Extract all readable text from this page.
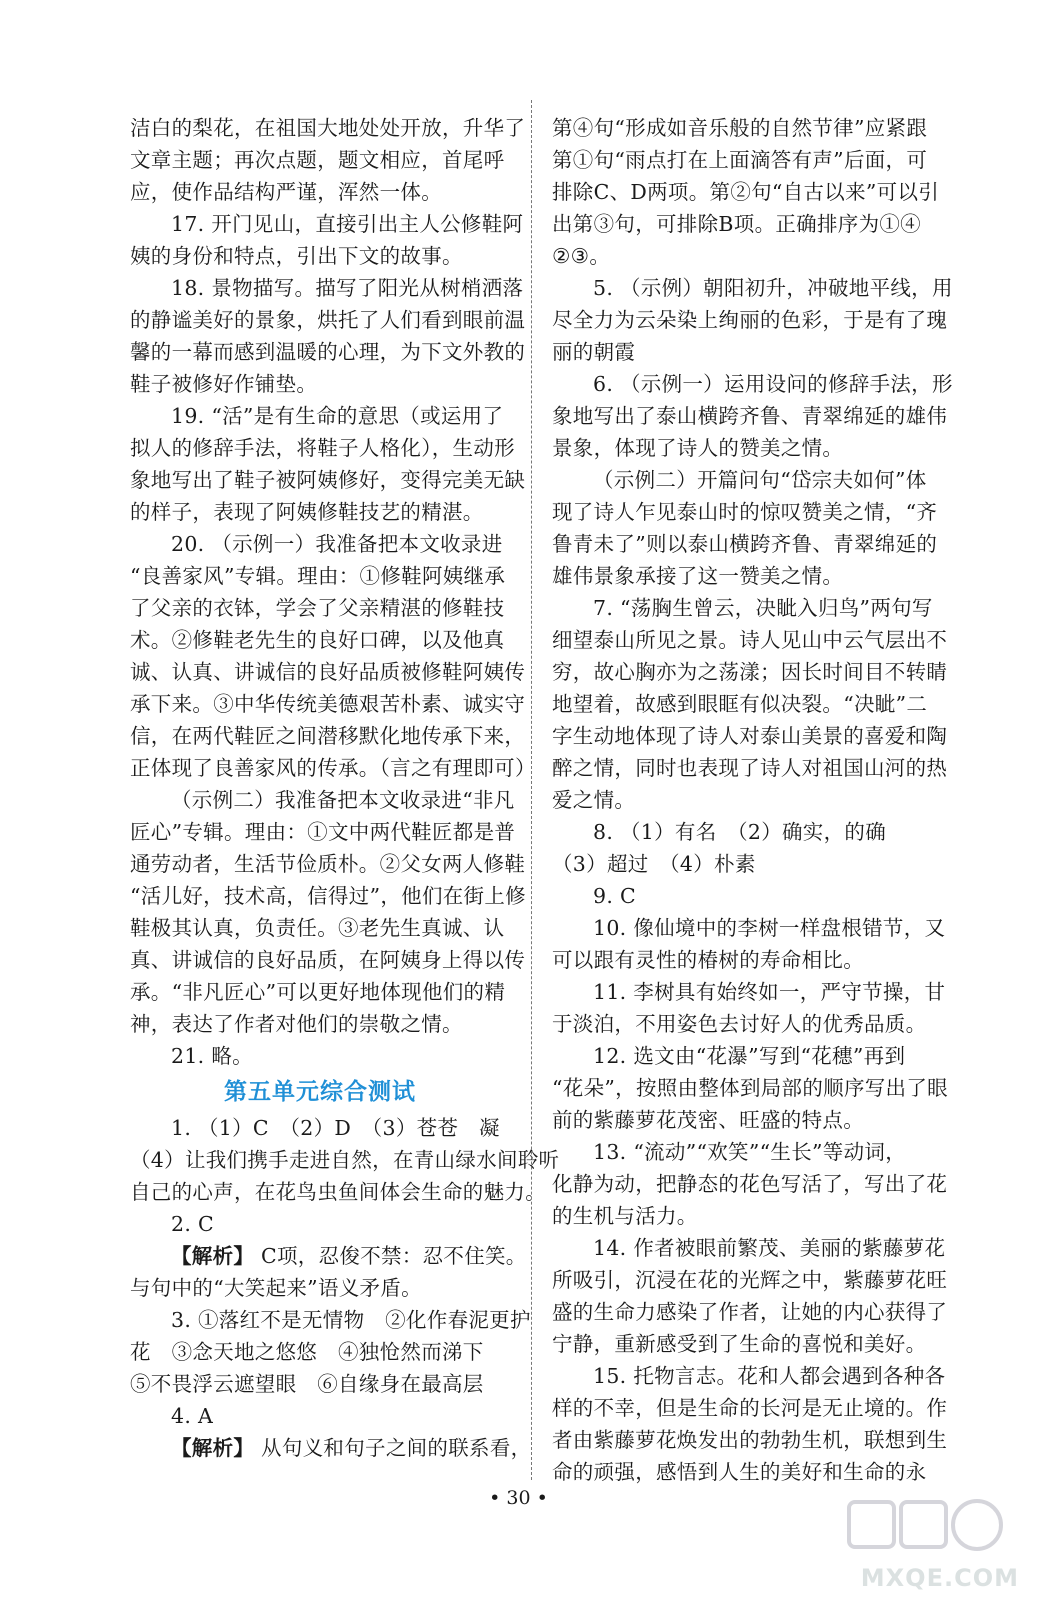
洁白的梨花，在祖国大地处处开放，升华了
文章主题；再次点题，题文相应，首尾呼
应，使作品结构严谨，浑然一体。
17. 开门见山，直接引出主人公修鞋阿
姨的身份和特点，引出下文的故事。
18. 景物描写。描写了阳光从树梢洒落
的静谧美好的景象，烘托了人们看到眼前温
馨的一幕而感到温暖的心理，为下文外教的
鞋子被修好作铺垫。
19. “活”是有生命的意思（或运用了
拟人的修辞手法，将鞋子人格化），生动形
象地写出了鞋子被阿姨修好，变得完美无缺
的样子，表现了阿姨修鞋技艺的精湛。
20. （示例一）我准备把本文收录进
“良善家风”专辑。理由：①修鞋阿姨继承
了父亲的衣钵，学会了父亲精湛的修鞋技
术。②修鞋老先生的良好口碑，以及他真
诚、认真、讲诚信的良好品质被修鞋阿姨传
承下来。③中华传统美德艰苦朴素、诚实守
信，在两代鞋匠之间潜移默化地传承下来，
正体现了良善家风的传承。（言之有理即可）
（示例二）我准备把本文收录进“非凡
匠心”专辑。理由：①文中两代鞋匠都是普
通劳动者，生活节俭质朴。②父女两人修鞋
“活儿好，技术高，信得过”，他们在街上修
鞋极其认真，负责任。③老先生真诚、认
真、讲诚信的良好品质，在阿姨身上得以传
承。“非凡匠心”可以更好地体现他们的精
神，表达了作者对他们的崇敬之情。
21. 略。
第五单元综合测试
1. （1）C　（2）D　（3）苍苍　凝
（4）让我们携手走进自然，在青山绿水间聆听
自己的心声，在花鸟虫鱼间体会生命的魅力。
2. C
【解析】 C项，忍俊不禁：忍不住笑。
与句中的“大笑起来”语义矛盾。
3. ①落红不是无情物　②化作春泥更护
花　③念天地之悠悠　④独怆然而涕下
⑤不畏浮云遮望眼　⑥自缘身在最高层
4. A
【解析】 从句义和句子之间的联系看，
第④句“形成如音乐般的自然节律”应紧跟
第①句“雨点打在上面滴答有声”后面，可
排除C、D两项。第②句“自古以来”可以引
出第③句，可排除B项。正确排序为①④
②③。
5. （示例）朝阳初升，冲破地平线，用
尽全力为云朵染上绚丽的色彩，于是有了瑰
丽的朝霞
6. （示例一）运用设问的修辞手法，形
象地写出了泰山横跨齐鲁、青翠绵延的雄伟
景象，体现了诗人的赞美之情。
（示例二）开篇问句“岱宗夫如何”体
现了诗人乍见泰山时的惊叹赞美之情，“齐
鲁青未了”则以泰山横跨齐鲁、青翠绵延的
雄伟景象承接了这一赞美之情。
7. “荡胸生曾云，决眦入归鸟”两句写
细望泰山所见之景。诗人见山中云气层出不
穷，故心胸亦为之荡漾；因长时间目不转睛
地望着，故感到眼眶有似决裂。“决眦”二
字生动地体现了诗人对泰山美景的喜爱和陶
醉之情，同时也表现了诗人对祖国山河的热
爱之情。
8. （1）有名　（2）确实，的确
（3）超过　（4）朴素
9. C
10. 像仙境中的李树一样盘根错节，又
可以跟有灵性的椿树的寿命相比。
11. 李树具有始终如一，严守节操，甘
于淡泊，不用姿色去讨好人的优秀品质。
12. 选文由“花瀑”写到“花穗”再到
“花朵”，按照由整体到局部的顺序写出了眼
前的紫藤萝花茂密、旺盛的特点。
13. “流动”“欢笑”“生长”等动词，
化静为动，把静态的花色写活了，写出了花
的生机与活力。
14. 作者被眼前繁茂、美丽的紫藤萝花
所吸引，沉浸在花的光辉之中，紫藤萝花旺
盛的生命力感染了作者，让她的内心获得了
宁静，重新感受到了生命的喜悦和美好。
15. 托物言志。花和人都会遇到各种各
样的不幸，但是生命的长河是无止境的。作
者由紫藤萝花焕发出的勃勃生机，联想到生
命的顽强，感悟到人生的美好和生命的永
• 30 •
MXQE.COM
